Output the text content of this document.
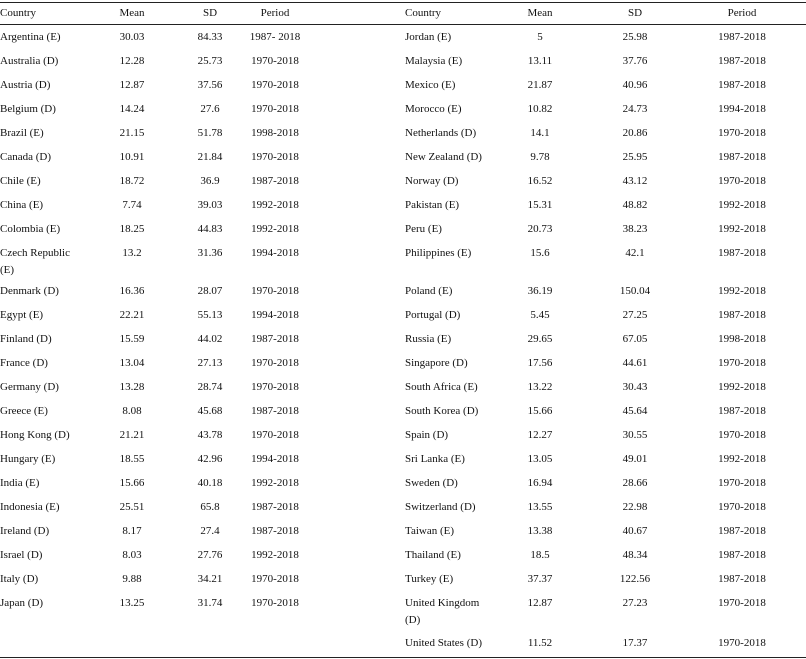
Country	Mean	SD	Period	Country	Mean	SD	Period
Argentina (E)	30.03	84.33	1987- 2018
Australia (D)	12.28	25.73	1970-2018
Austria (D)	12.87	37.56	1970-2018
Belgium (D)	14.24	27.6	1970-2018
Brazil (E)	21.15	51.78	1998-2018
Canada (D)	10.91	21.84	1970-2018
Chile (E)	18.72	36.9	1987-2018
China (E)	7.74	39.03	1992-2018
Colombia (E)	18.25	44.83	1992-2018
Czech Republic
(E)
13.2	31.36	1994-2018
Denmark (D)	16.36	28.07	1970-2018
Egypt (E)	22.21	55.13	1994-2018
Finland (D)	15.59	44.02	1987-2018
France (D)	13.04	27.13	1970-2018
Germany (D)	13.28	28.74	1970-2018
Greece (E)	8.08	45.68	1987-2018
Hong Kong (D)	21.21	43.78	1970-2018
Hungary (E)	18.55	42.96	1994-2018
India (E)	15.66	40.18	1992-2018
Indonesia (E)	25.51	65.8	1987-2018
Ireland (D)	8.17	27.4	1987-2018
Israel (D)	8.03	27.76	1992-2018
Italy (D)	9.88	34.21	1970-2018
Japan (D)	13.25	31.74	1970-2018
Jordan (E)	5	25.98	1987-2018
Malaysia (E)	13.11	37.76	1987-2018
Mexico (E)	21.87	40.96	1987-2018
Morocco (E)	10.82	24.73	1994-2018
Netherlands (D)	14.1	20.86	1970-2018
New Zealand (D)	9.78	25.95	1987-2018
Norway (D)	16.52	43.12	1970-2018
Pakistan (E)	15.31	48.82	1992-2018
Peru (E)	20.73	38.23	1992-2018
Philippines (E)	15.6	42.1	1987-2018
Poland (E)	36.19	150.04	1992-2018
Portugal (D)	5.45	27.25	1987-2018
Russia (E)	29.65	67.05	1998-2018
Singapore (D)	17.56	44.61	1970-2018
South Africa (E)	13.22	30.43	1992-2018
South Korea (D)	15.66	45.64	1987-2018
Spain (D)	12.27	30.55	1970-2018
Sri Lanka (E)	13.05	49.01	1992-2018
Sweden (D)	16.94	28.66	1970-2018
Switzerland (D)	13.55	22.98	1970-2018
Taiwan (E)	13.38	40.67	1987-2018
Thailand (E)	18.5	48.34	1987-2018
Turkey (E)	37.37	122.56	1987-2018
United Kingdom
(D)
12.87	27.23	1970-2018
United States (D)	11.52	17.37	1970-2018
